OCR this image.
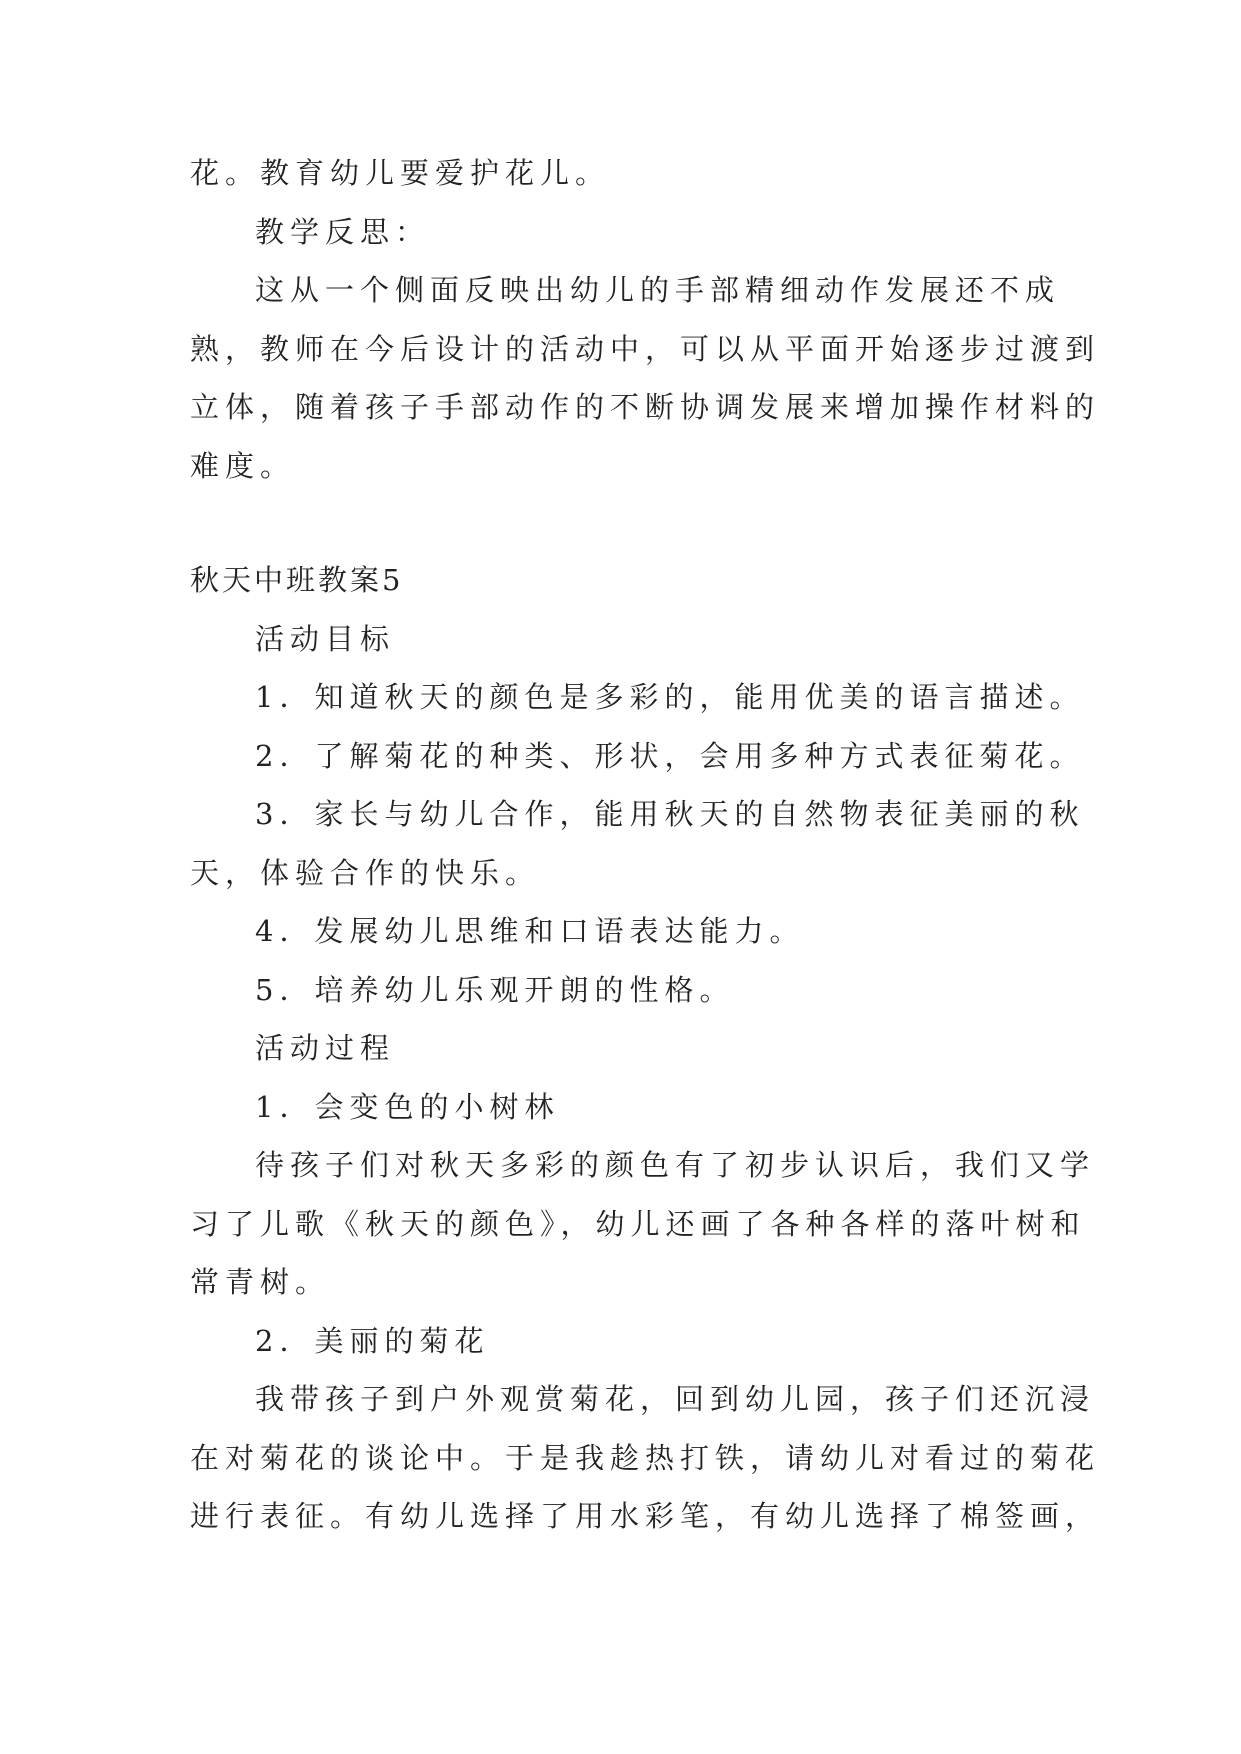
花。教育幼儿要爱护花儿。
教学反思：
这从一个侧面反映出幼儿的手部精细动作发展还不成
熟，教师在今后设计的活动中，可以从平面开始逐步过渡到
立体，随着孩子手部动作的不断协调发展来增加操作材料的
难度。
秋天中班教案5
活动目标
1．知道秋天的颜色是多彩的，能用优美的语言描述。
2．了解菊花的种类、形状，会用多种方式表征菊花。
3．家长与幼儿合作，能用秋天的自然物表征美丽的秋
天，体验合作的快乐。
4．发展幼儿思维和口语表达能力。
5．培养幼儿乐观开朗的性格。
活动过程
1．会变色的小树林
待孩子们对秋天多彩的颜色有了初步认识后，我们又学
习了儿歌《秋天的颜色》，幼儿还画了各种各样的落叶树和
常青树。
2．美丽的菊花
我带孩子到户外观赏菊花，回到幼儿园，孩子们还沉浸
在对菊花的谈论中。于是我趁热打铁，请幼儿对看过的菊花
进行表征。有幼儿选择了用水彩笔，有幼儿选择了棉签画，
